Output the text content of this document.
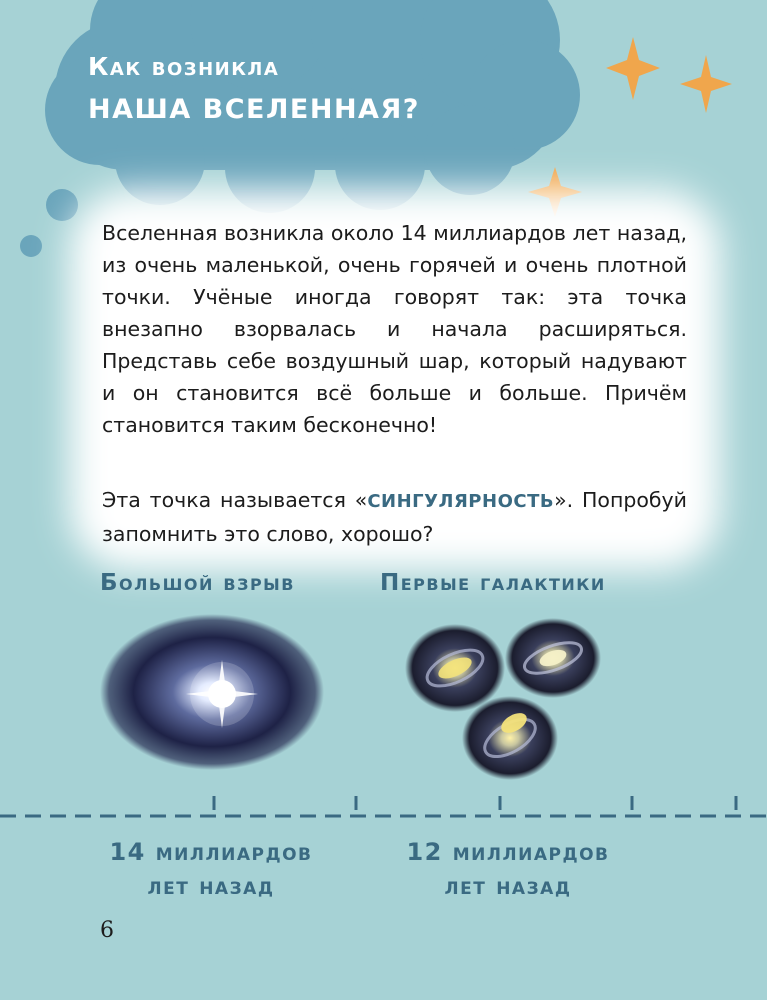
Как возникла
НАША ВСЕЛЕННАЯ?

Вселенная возникла около 14 миллиардов лет назад, из очень маленькой, очень горячей и очень плотной точки. Учёные иногда говорят так: эта точка внезапно взорвалась и начала расширяться. Представь себе воздушный шар, который надувают и он становится всё больше и больше. Причём становится таким бесконечно!

Эта точка называется «СИНГУЛЯРНОСТЬ». Попробуй запомнить это слово, хорошо?

Большой взрыв	Первые галактики

14 миллиардов
лет назад
12 миллиардов
лет назад

6
